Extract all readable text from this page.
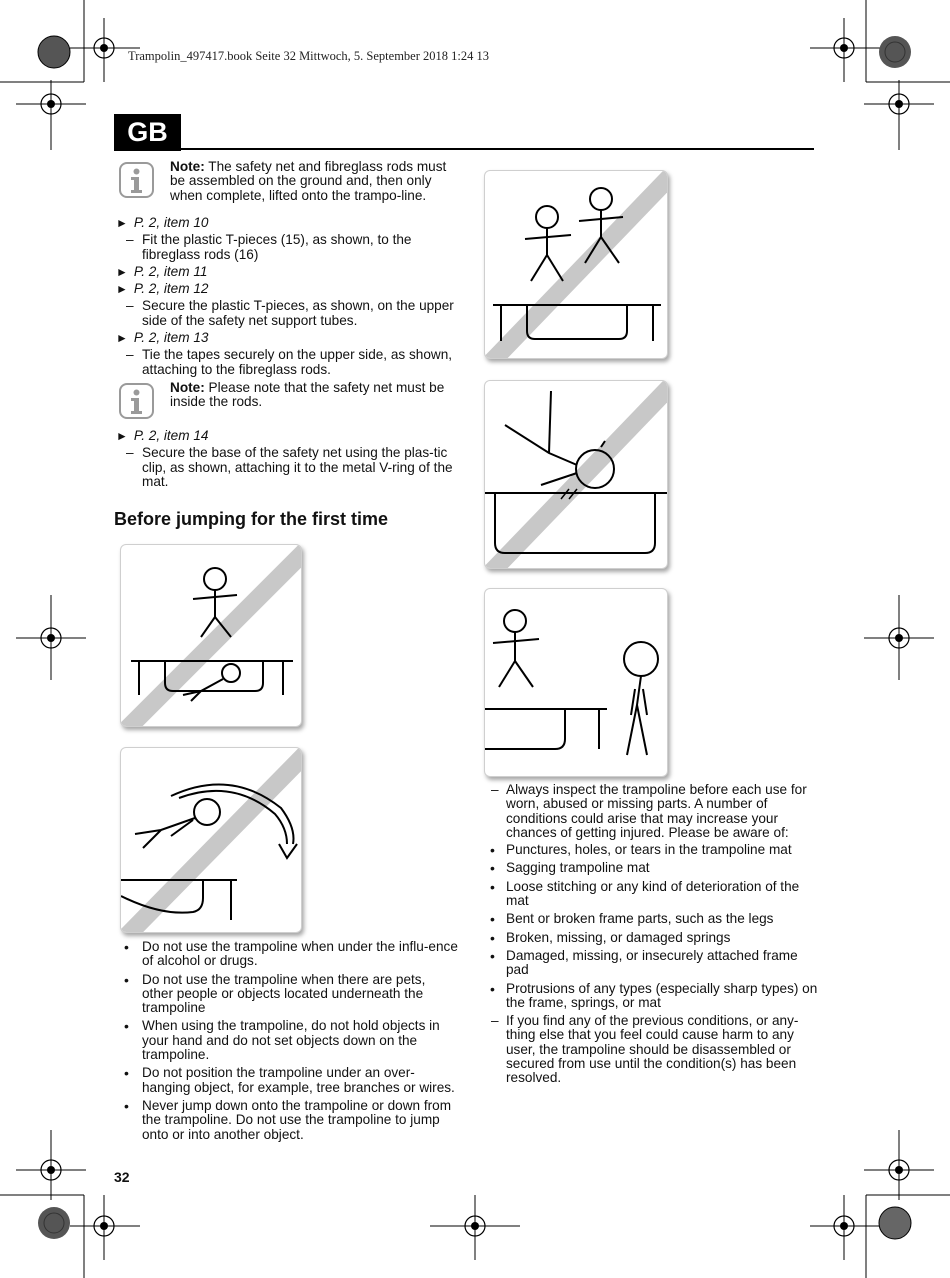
Trampolin_497417.book Seite 32 Mittwoch, 5. September 2018 1:24 13
GB
Note: The safety net and fibreglass rods must be assembled on the ground and, then only when complete, lifted onto the trampo-line.
► P. 2, item 10
– Fit the plastic T-pieces (15), as shown, to the fibreglass rods (16)
► P. 2, item 11
► P. 2, item 12
– Secure the plastic T-pieces, as shown, on the upper side of the safety net support tubes.
► P. 2, item 13
– Tie the tapes securely on the upper side, as shown, attaching to the fibreglass rods.
Note: Please note that the safety net must be inside the rods.
► P. 2, item 14
– Secure the base of the safety net using the plas-tic clip, as shown, attaching it to the metal V-ring of the mat.
Before jumping for the first time
• Do not use the trampoline when under the influ-ence of alcohol or drugs.
• Do not use the trampoline when there are pets, other people or objects located underneath the trampoline
• When using the trampoline, do not hold objects in your hand and do not set objects down on the trampoline.
• Do not position the trampoline under an over-hanging object, for example, tree branches or wires.
• Never jump down onto the trampoline or down from the trampoline. Do not use the trampoline to jump onto or into another object.
– Always inspect the trampoline before each use for worn, abused or missing parts. A number of conditions could arise that may increase your chances of getting injured. Please be aware of:
• Punctures, holes, or tears in the trampoline mat
• Sagging trampoline mat
• Loose stitching or any kind of deterioration of the mat
• Bent or broken frame parts, such as the legs
• Broken, missing, or damaged springs
• Damaged, missing, or insecurely attached frame pad
• Protrusions of any types (especially sharp types) on the frame, springs, or mat
– If you find any of the previous conditions, or any-thing else that you feel could cause harm to any user, the trampoline should be disassembled or secured from use until the condition(s) has been resolved.
32
